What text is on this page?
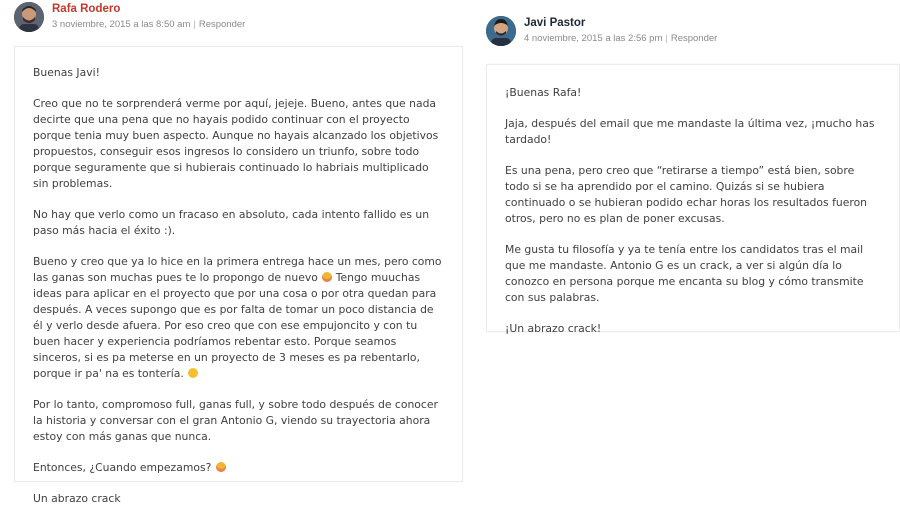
Rafa Rodero
3 noviembre, 2015 a las 8:50 am | Responder

Buenas Javi!

Creo que no te sorprenderá verme por aquí, jejeje. Bueno, antes que nada decirte que una pena que no hayais podido continuar con el proyecto porque tenia muy buen aspecto. Aunque no hayais alcanzado los objetivos propuestos, conseguir esos ingresos lo considero un triunfo, sobre todo porque seguramente que si hubierais continuado lo habriais multiplicado sin problemas.

No hay que verlo como un fracaso en absoluto, cada intento fallido es un paso más hacia el éxito :).

Bueno y creo que ya lo hice en la primera entrega hace un mes, pero como las ganas son muchas pues te lo propongo de nuevo Tengo muuchas ideas para aplicar en el proyecto que por una cosa o por otra quedan para después. A veces supongo que es por falta de tomar un poco distancia de él y verlo desde afuera. Por eso creo que con ese empujoncito y con tu buen hacer y experiencia podríamos rebentar esto. Porque seamos sinceros, si es pa meterse en un proyecto de 3 meses es pa rebentarlo, porque ir pa' na es tontería.

Por lo tanto, compromoso full, ganas full, y sobre todo después de conocer la historia y conversar con el gran Antonio G, viendo su trayectoria ahora estoy con más ganas que nunca.

Entonces, ¿Cuando empezamos?

Un abrazo crack

Javi Pastor
4 noviembre, 2015 a las 2:56 pm | Responder

¡Buenas Rafa!

Jaja, después del email que me mandaste la última vez, ¡mucho has tardado!

Es una pena, pero creo que “retirarse a tiempo” está bien, sobre todo si se ha aprendido por el camino. Quizás si se hubiera continuado o se hubieran podido echar horas los resultados fueron otros, pero no es plan de poner excusas.

Me gusta tu filosofía y ya te tenía entre los candidatos tras el mail que me mandaste. Antonio G es un crack, a ver si algún día lo conozco en persona porque me encanta su blog y cómo transmite con sus palabras.

¡Un abrazo crack!
